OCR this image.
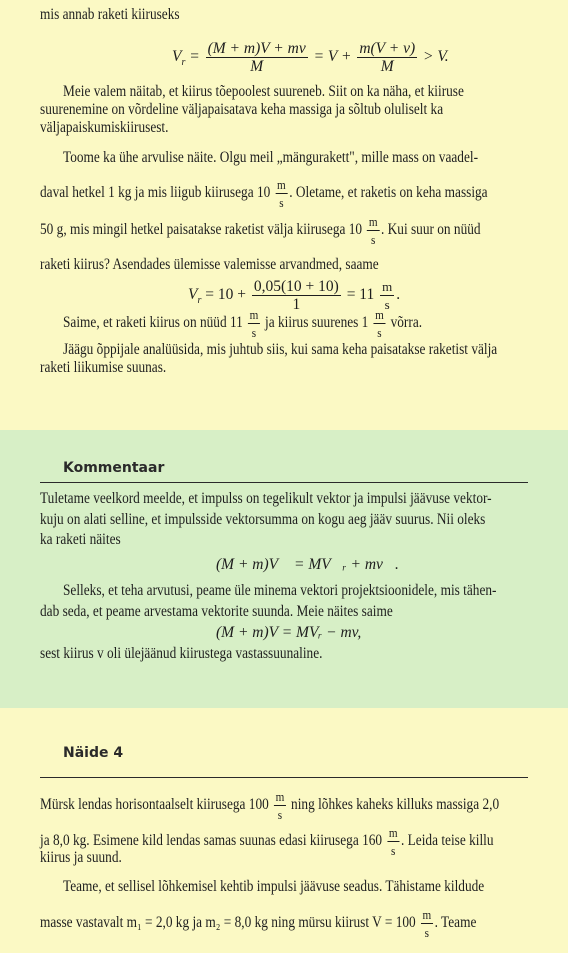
mis annab raketi kiiruseks
$V_r = \frac{(M + m)V + mv}{M} = V + \frac{m(V + v)}{M} > V$.
Meie valem näitab, et kiirus tõepoolest suureneb. Siit on ka näha, et kiiruse
suurenemine on võrdeline väljapaisatava keha massiga ja sõltub oluliselt ka
väljapaiskumiskiirusest.
Toome ka ühe arvulise näite. Olgu meil „mängurakett", mille mass on vaadel-
daval hetkel 1 kg ja mis liigub kiirusega $10 \frac{m}{s}$ . Oletame, et raketis on keha massiga
50 g, mis mingil hetkel paisatakse raketist välja kiirusega $10 \frac{m}{s}$ . Kui suur on nüüd
raketi kiirus? Asendades ülemisse valemisse arvandmed, saame
$V_r = 10 + \frac{0,05(10 + 10)}{1} = 11 \frac{m}{s}$ .
Saime, et raketi kiirus on nüüd $11 \frac{m}{s}$ ja kiirus suurenes $1 \frac{m}{s}$ võrra.
Jäägu õppijale analüüsida, mis juhtub siis, kui sama keha paisatakse raketist välja
raketi liikumise suunas.
Kommentaar
Tuletame veelkord meelde, et impulss on tegelikult vektor ja impulsi jäävuse vektor-
kuju on alati selline, et impulsside vektorsumma on kogu aeg jääv suurus. Nii oleks
ka raketi näites
(M + m)V⃗ = MV⃗ᵣ + mv⃗.
Selleks, et teha arvutusi, peame üle minema vektori projektsioonidele, mis tähen-
dab seda, et peame arvestama vektorite suunda. Meie näites saime
(M + m)V = MVᵣ − mv,
sest kiirus v oli ülejäänud kiirustega vastassuunaline.
Näide 4
Mürsk lendas horisontaalselt kiirusega $100 \frac{m}{s}$ ning lõhkes kaheks killuks massiga 2,0
ja 8,0 kg. Esimene kild lendas samas suunas edasi kiirusega $160 \frac{m}{s}$ . Leida teise killu
kiirus ja suund.
Teame, et sellisel lõhkemisel kehtib impulsi jäävuse seadus. Tähistame kildude
masse vastavalt m₁ = 2,0 kg ja m₂ = 8,0 kg ning mürsu kiirust $V = 100 \frac{m}{s}$ . Teame
